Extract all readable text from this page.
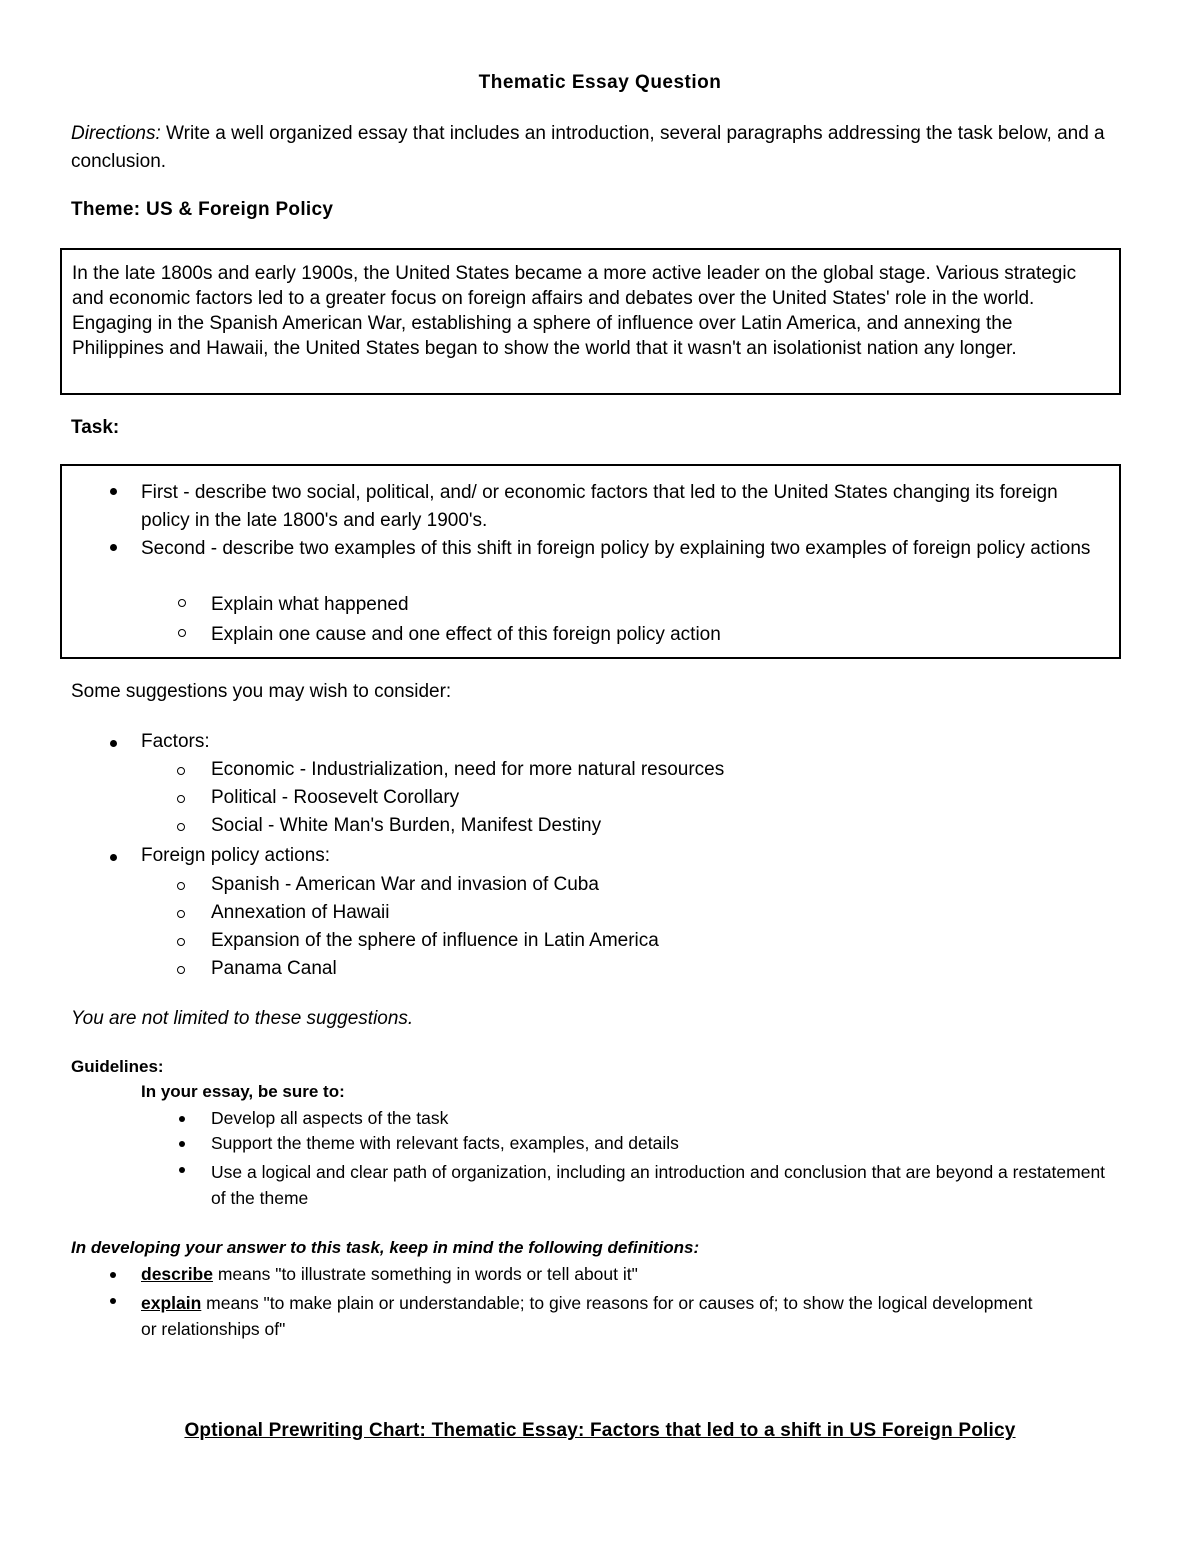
Thematic Essay Question

Directions: Write a well organized essay that includes an introduction, several paragraphs addressing the task below, and a conclusion.

Theme: US & Foreign Policy

In the late 1800s and early 1900s, the United States became a more active leader on the global stage. Various strategic and economic factors led to a greater focus on foreign affairs and debates over the United States' role in the world. Engaging in the Spanish American War, establishing a sphere of influence over Latin America, and annexing the Philippines and Hawaii, the United States began to show the world that it wasn't an isolationist nation any longer.

Task:

First - describe two social, political, and/ or economic factors that led to the United States changing its foreign policy in the late 1800's and early 1900's.

Second - describe two examples of this shift in foreign policy by explaining two examples of foreign policy actions

Explain what happened

Explain one cause and one effect of this foreign policy action

Some suggestions you may wish to consider:

Factors:

Economic - Industrialization, need for more natural resources

Political - Roosevelt Corollary

Social - White Man's Burden, Manifest Destiny

Foreign policy actions:

Spanish - American War and invasion of Cuba

Annexation of Hawaii

Expansion of the sphere of influence in Latin America

Panama Canal

You are not limited to these suggestions.

Guidelines:

In your essay, be sure to:

Develop all aspects of the task

Support the theme with relevant facts, examples, and details

Use a logical and clear path of organization, including an introduction and conclusion that are beyond a restatement of the theme

In developing your answer to this task, keep in mind the following definitions:

describe means "to illustrate something in words or tell about it"

explain means "to make plain or understandable; to give reasons for or causes of; to show the logical development or relationships of"

Optional Prewriting Chart: Thematic Essay: Factors that led to a shift in US Foreign Policy
